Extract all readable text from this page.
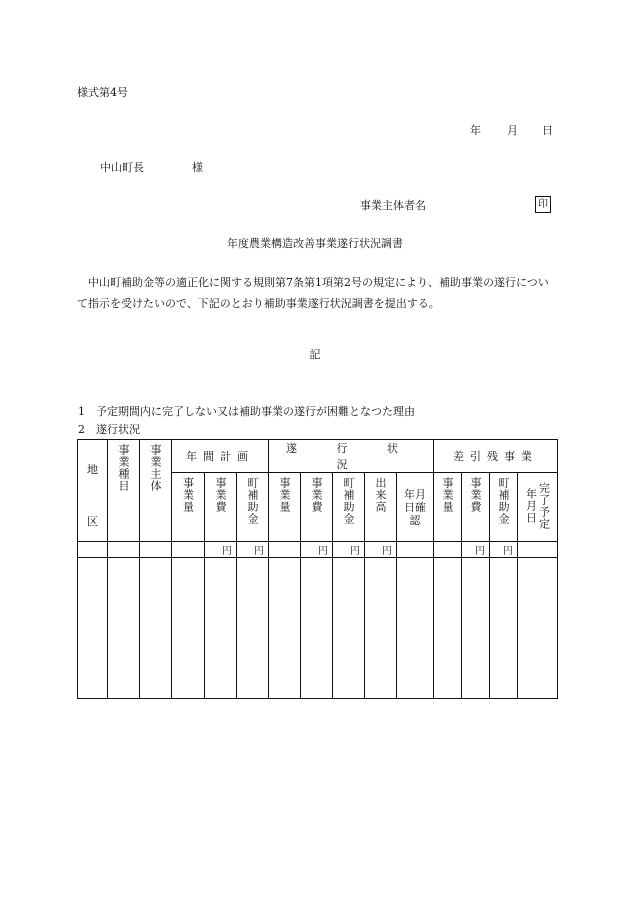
様式第4号
年 月 日
中山町長	様
事業主体者名	印
年度農業構造改善事業遂行状況調書
中山町補助金等の適正化に関する規則第7条第1項第2号の規定により、補助事業の遂行について指示を受けたいので、下記のとおり補助事業遂行状況調書を提出する。
記
1 予定期間内に完了しない又は補助事業の遂行が困難となつた理由
2 遂行状況
地区	事業種目	事業主体	年間計画			遂 行 状 況					差引残事業			
			事業量	事業費	町補助金	事業量	事業費	町補助金	出来高	年月日確認	事業量	事業費	町補助金	完了予定年月日
				円	円		円	円	円			円	円	
